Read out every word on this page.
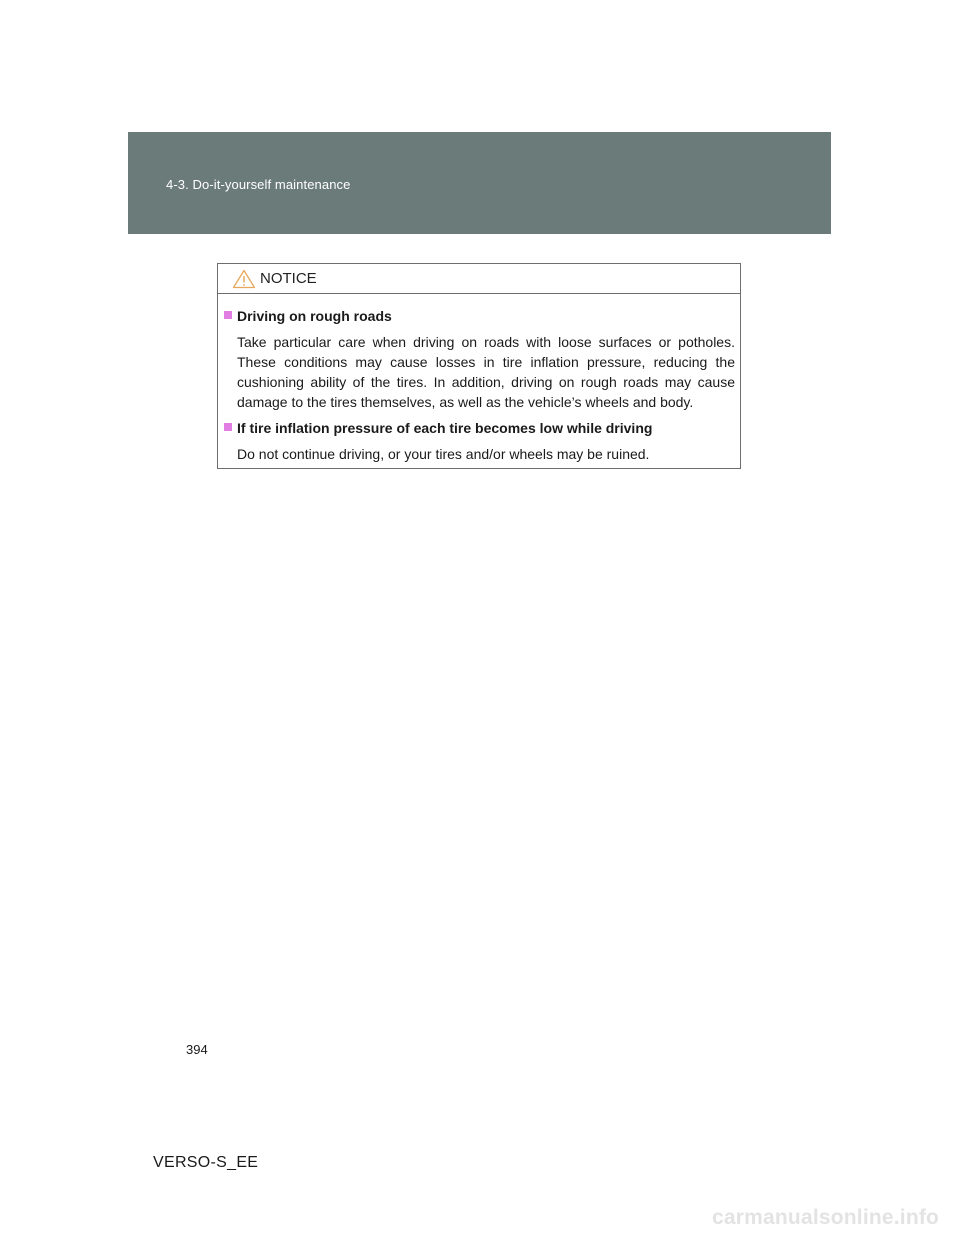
4-3. Do-it-yourself maintenance
NOTICE
Driving on rough roads
Take particular care when driving on roads with loose surfaces or potholes. These conditions may cause losses in tire inflation pressure, reducing the cushioning ability of the tires. In addition, driving on rough roads may cause damage to the tires themselves, as well as the vehicle’s wheels and body.
If tire inflation pressure of each tire becomes low while driving
Do not continue driving, or your tires and/or wheels may be ruined.
394
VERSO-S_EE
carmanualsonline.info
